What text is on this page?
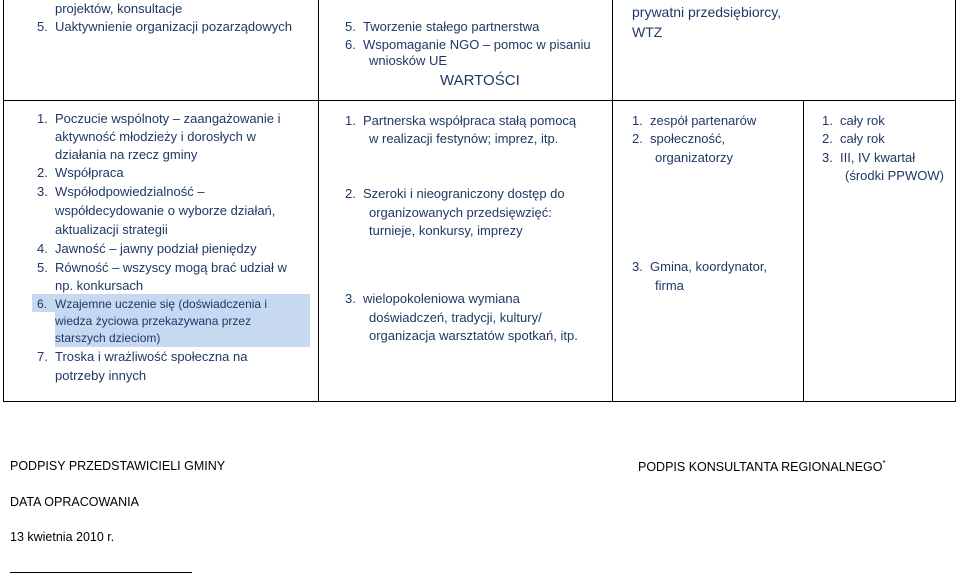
projektów, konsultacje
5. Uaktywnienie organizacji pozarządowych	5. Tworzenie stałego partnerstwa
6. Wspomaganie NGO – pomoc w pisaniu
wniosków UE
WARTOŚCI
prywatni przedsiębiorcy,
WTZ
1. Poczucie wspólnoty – zaangażowanie i
aktywność młodzieży i dorosłych w
działania na rzecz gminy
2. Współpraca
3. Współodpowiedzialność –
współdecydowanie o wyborze działań,
aktualizacji strategii
4. Jawność – jawny podział pieniędzy
5. Równość – wszyscy mogą brać udział w
np. konkursach
6. Wzajemne uczenie się (doświadczenia i
wiedza życiowa przekazywana przez
starszych dzieciom)
7. Troska i wrażliwość społeczna na
potrzeby innych
1. Partnerska współpraca stałą pomocą
w realizacji festynów; imprez, itp.
2. Szeroki i nieograniczony dostęp do
organizowanych przedsięwzięć:
turnieje, konkursy, imprezy
3. wielopokoleniowa wymiana
doświadczeń, tradycji, kultury/
organizacja warsztatów spotkań, itp.
1. zespół partenarów
2. społeczność,
organizatorzy
3. Gmina, koordynator,
firma
1. cały rok
2. cały rok
3. III, IV kwartał
(środki PPWOW)
PODPISY PRZEDSTAWICIELI GMINY	PODPIS KONSULTANTA REGIONALNEGO*
DATA OPRACOWANIA
13 kwietnia 2010 r.
